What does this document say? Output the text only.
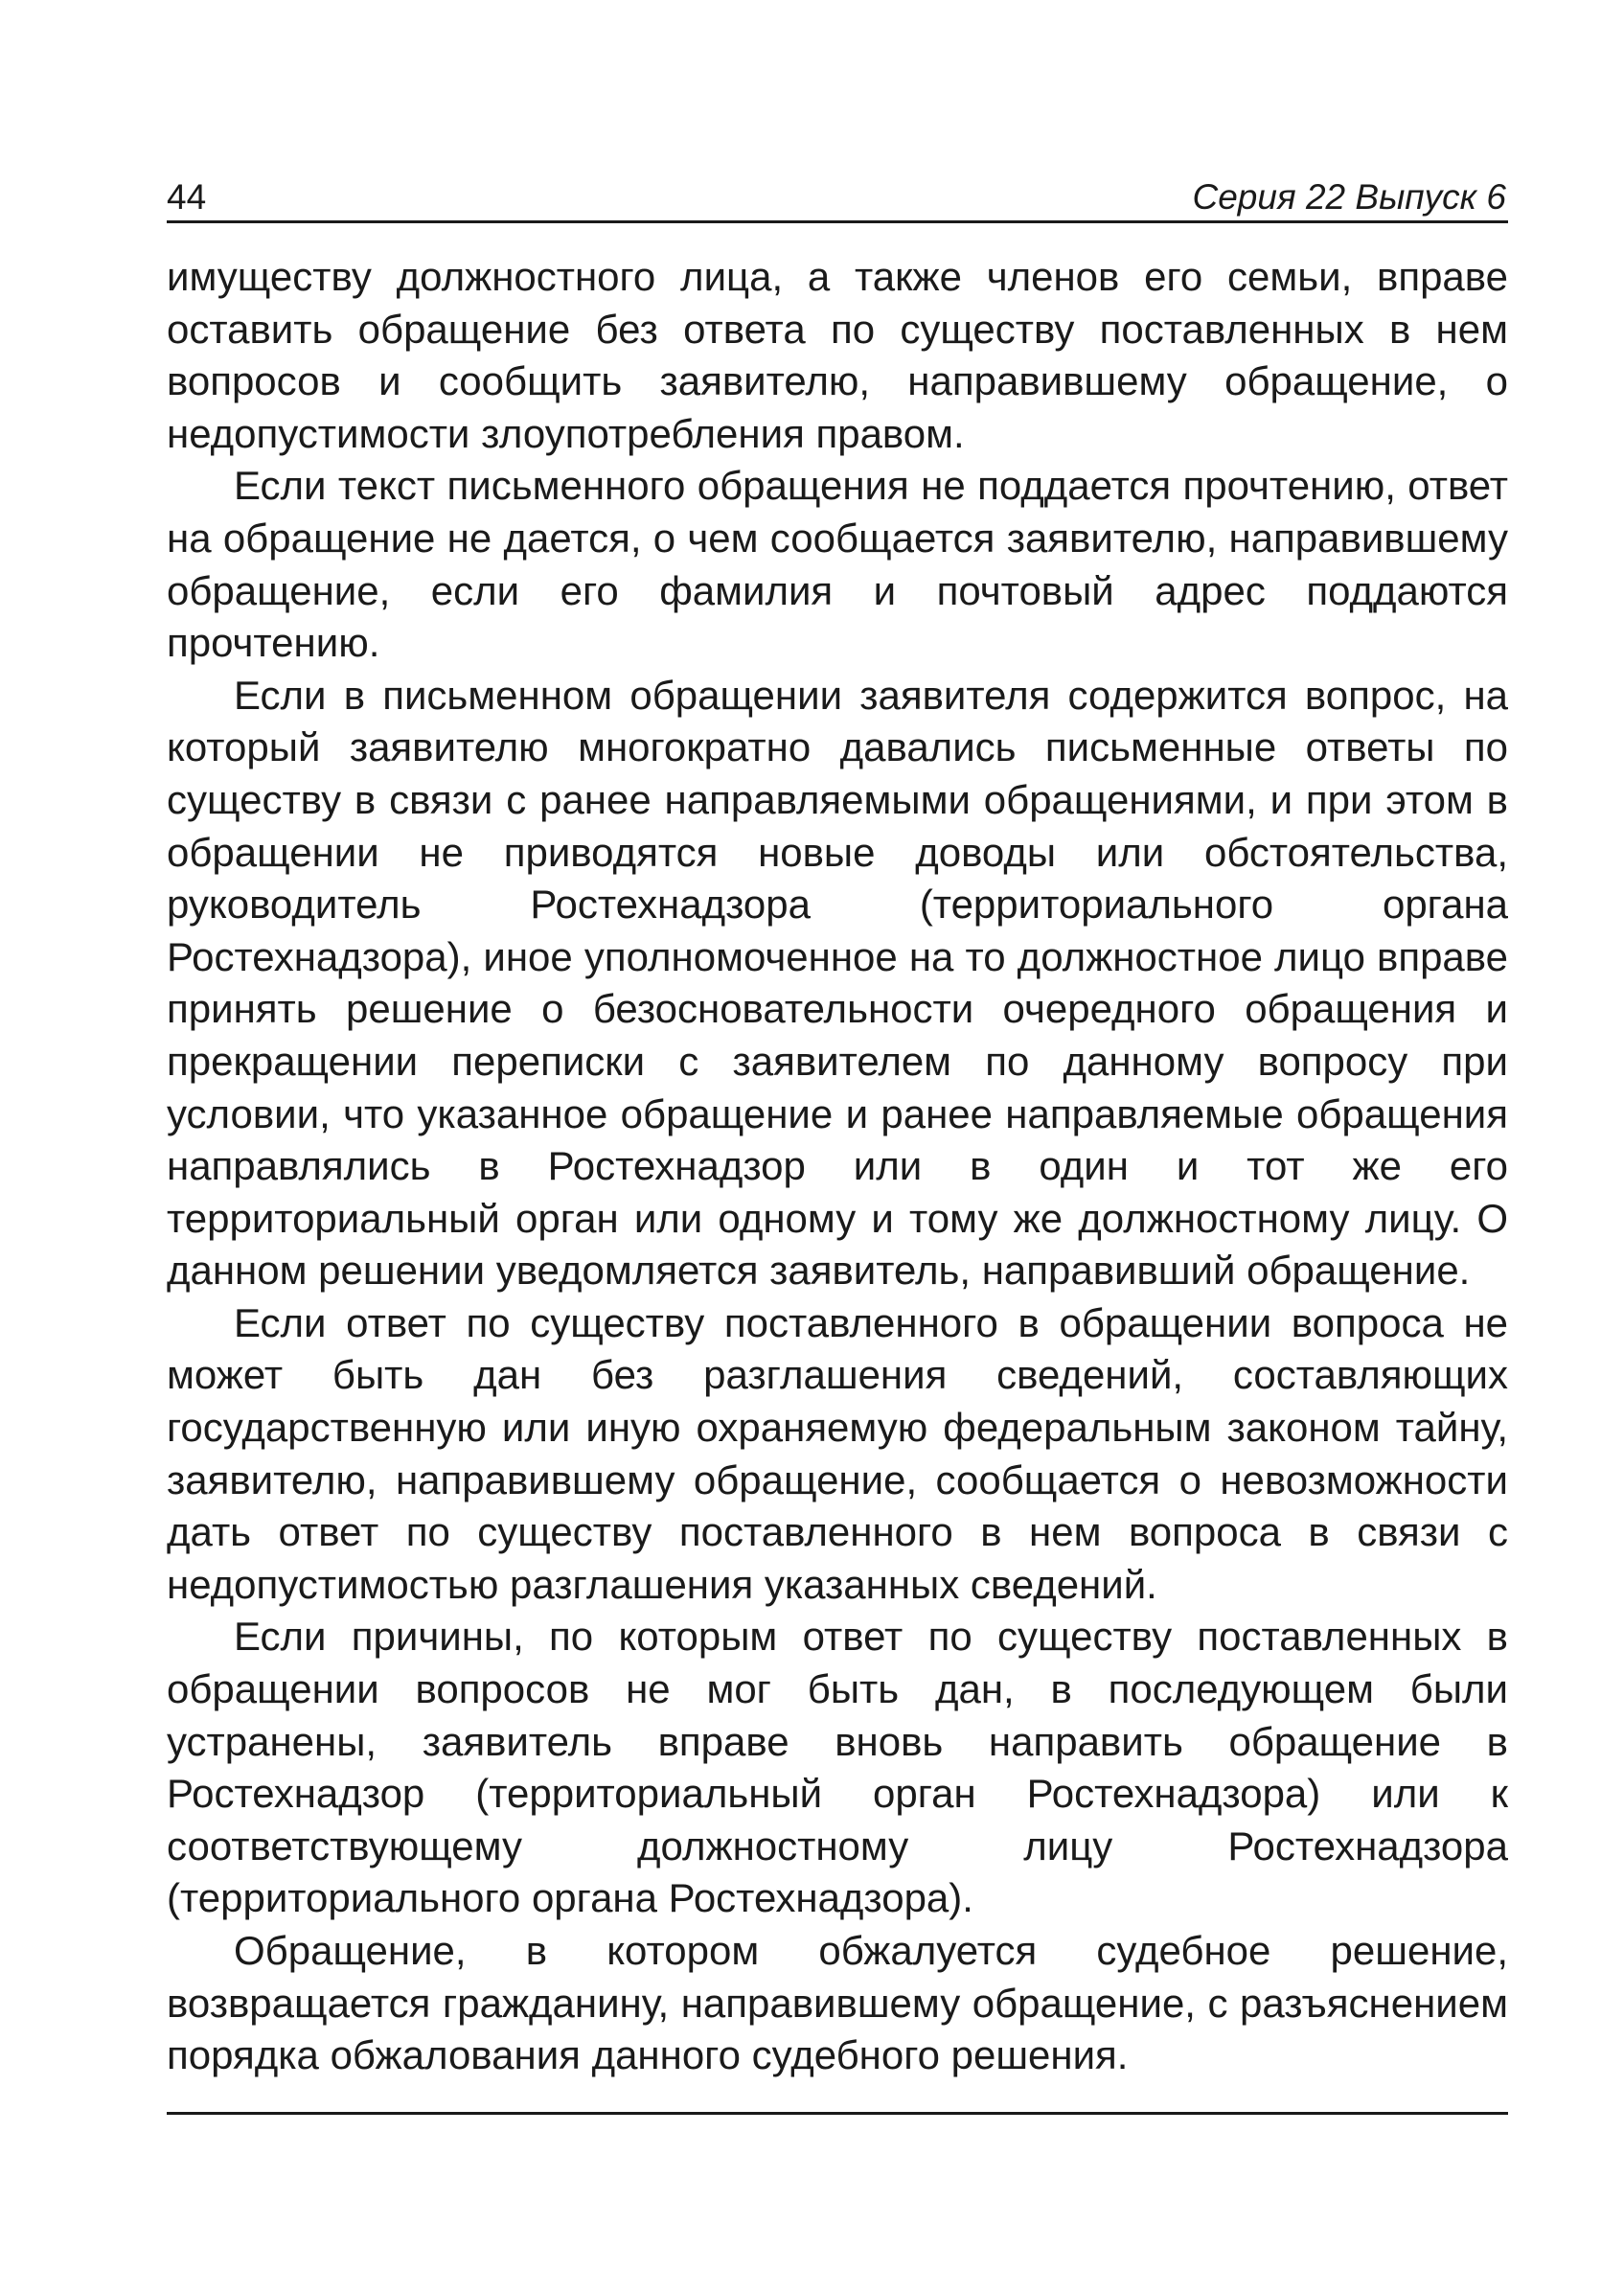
44	Серия 22 Выпуск 6

имуществу должностного лица, а также членов его семьи, вправе оставить обращение без ответа по существу поставленных в нем вопросов и сообщить заявителю, направившему обращение, о недопустимости злоупотребления правом.

Если текст письменного обращения не поддается прочтению, ответ на обращение не дается, о чем сообщается заявителю, направившему обращение, если его фамилия и почтовый адрес поддаются прочтению.

Если в письменном обращении заявителя содержится вопрос, на который заявителю многократно давались письменные ответы по существу в связи с ранее направляемыми обращениями, и при этом в обращении не приводятся новые доводы или обстоятельства, руководитель Ростехнадзора (территориального органа Ростехнадзора), иное уполномоченное на то должностное лицо вправе принять решение о безосновательности очередного обращения и прекращении переписки с заявителем по данному вопросу при условии, что указанное обращение и ранее направляемые обращения направлялись в Ростехнадзор или в один и тот же его территориальный орган или одному и тому же должностному лицу. О данном решении уведомляется заявитель, направивший обращение.

Если ответ по существу поставленного в обращении вопроса не может быть дан без разглашения сведений, составляющих государственную или иную охраняемую федеральным законом тайну, заявителю, направившему обращение, сообщается о невозможности дать ответ по существу поставленного в нем вопроса в связи с недопустимостью разглашения указанных сведений.

Если причины, по которым ответ по существу поставленных в обращении вопросов не мог быть дан, в последующем были устранены, заявитель вправе вновь направить обращение в Ростехнадзор (территориальный орган Ростехнадзора) или к соответствующему должностному лицу Ростехнадзора (территориального органа Ростехнадзора).

Обращение, в котором обжалуется судебное решение, возвращается гражданину, направившему обращение, с разъяснением порядка обжалования данного судебного решения.
